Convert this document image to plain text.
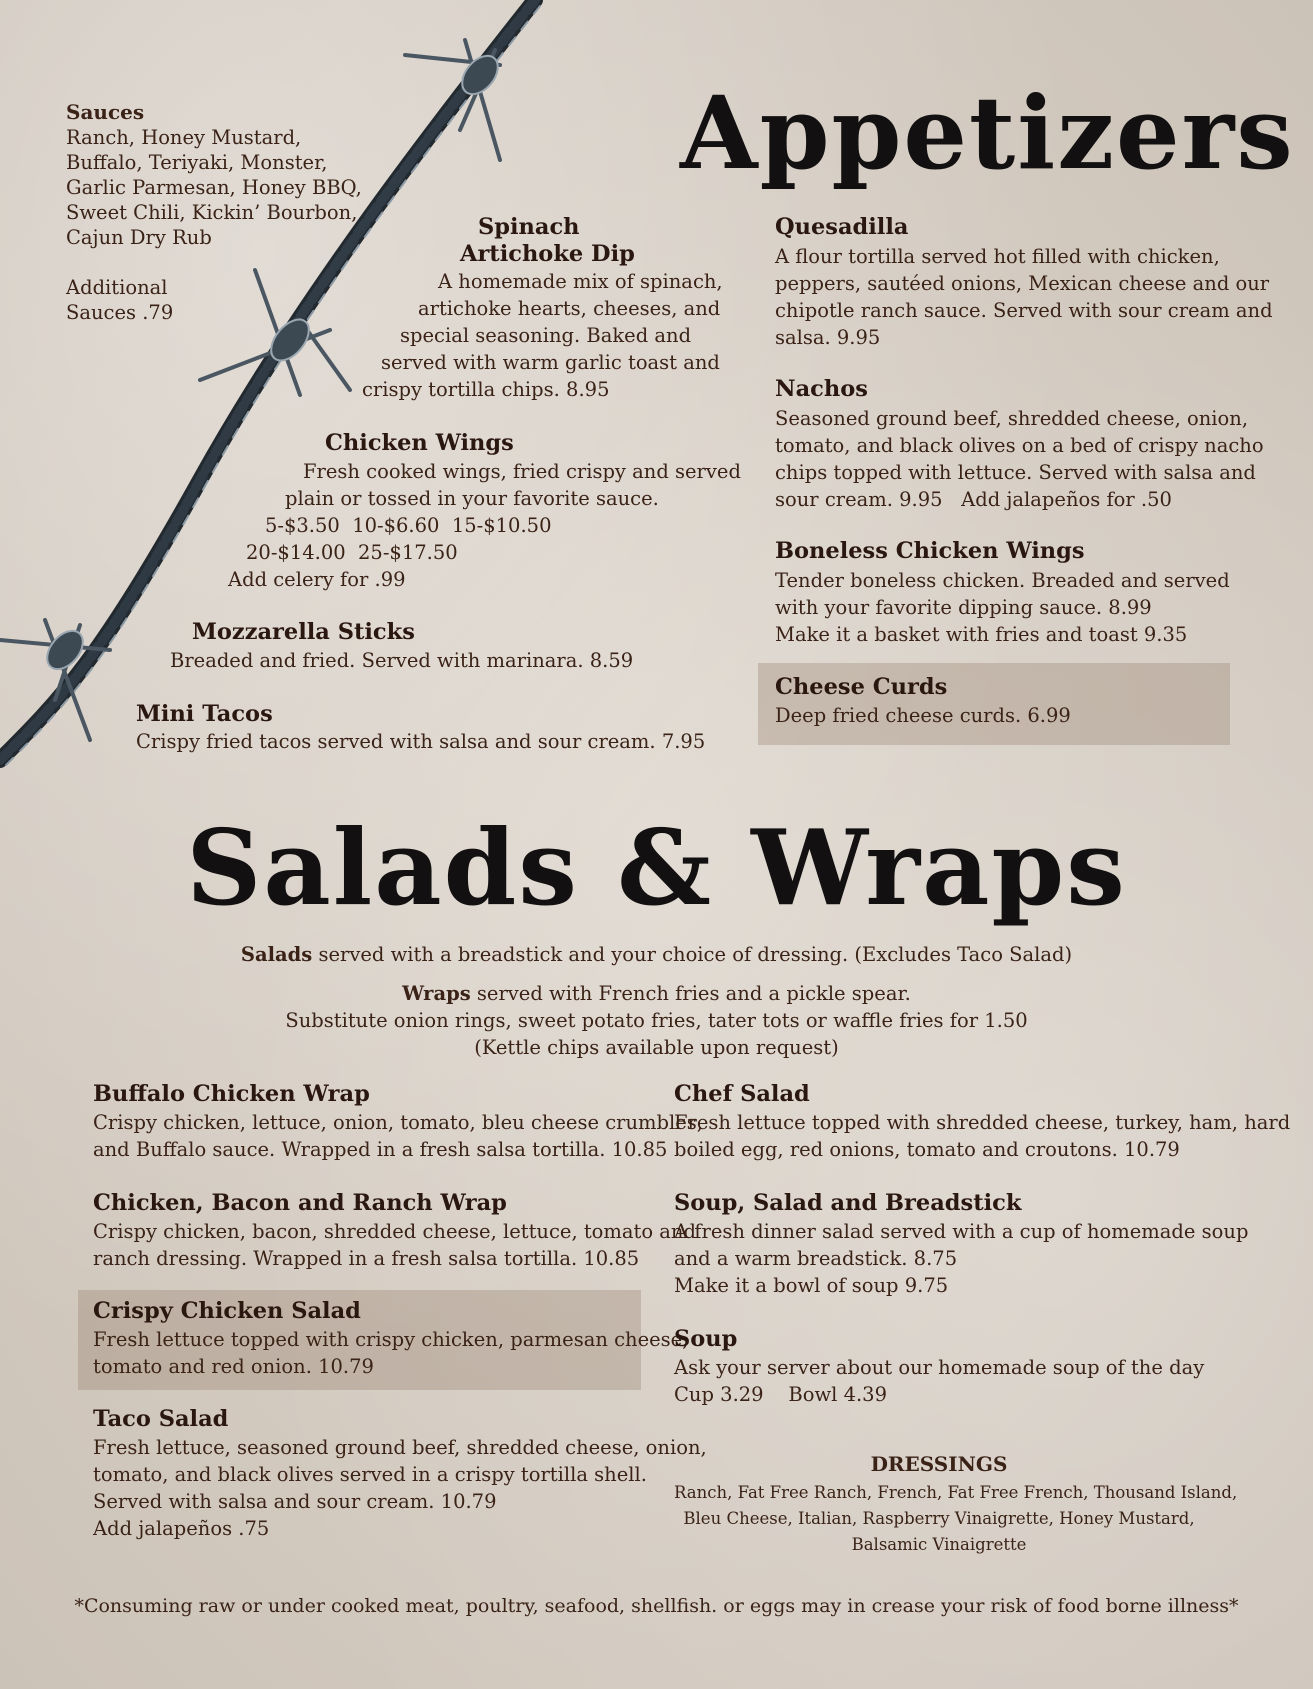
Appetizers
Sauces
Ranch, Honey Mustard,
Buffalo, Teriyaki, Monster,
Garlic Parmesan, Honey BBQ,
Sweet Chili, Kickin’ Bourbon,
Cajun Dry Rub
Additional
Sauces .79
Spinach
Artichoke Dip
A homemade mix of spinach,
artichoke hearts, cheeses, and
special seasoning. Baked and
served with warm garlic toast and
crispy tortilla chips. 8.95
Chicken Wings
Fresh cooked wings, fried crispy and served
plain or tossed in your favorite sauce.
5-$3.50  10-$6.60  15-$10.50
20-$14.00  25-$17.50
Add celery for .99
Mozzarella Sticks
Breaded and fried. Served with marinara. 8.59
Mini Tacos
Crispy fried tacos served with salsa and sour cream. 7.95
Quesadilla
A flour tortilla served hot filled with chicken,
peppers, sautéed onions, Mexican cheese and our
chipotle ranch sauce. Served with sour cream and
salsa. 9.95
Nachos
Seasoned ground beef, shredded cheese, onion,
tomato, and black olives on a bed of crispy nacho
chips topped with lettuce. Served with salsa and
sour cream. 9.95   Add jalapeños for .50
Boneless Chicken Wings
Tender boneless chicken. Breaded and served
with your favorite dipping sauce. 8.99
Make it a basket with fries and toast 9.35
Cheese Curds
Deep fried cheese curds. 6.99
Salads & Wraps
Salads served with a breadstick and your choice of dressing. (Excludes Taco Salad)
Wraps served with French fries and a pickle spear.
Substitute onion rings, sweet potato fries, tater tots or waffle fries for 1.50
(Kettle chips available upon request)
Buffalo Chicken Wrap
Crispy chicken, lettuce, onion, tomato, bleu cheese crumbles,
and Buffalo sauce. Wrapped in a fresh salsa tortilla. 10.85
Chicken, Bacon and Ranch Wrap
Crispy chicken, bacon, shredded cheese, lettuce, tomato and
ranch dressing. Wrapped in a fresh salsa tortilla. 10.85
Crispy Chicken Salad
Fresh lettuce topped with crispy chicken, parmesan cheese,
tomato and red onion. 10.79
Taco Salad
Fresh lettuce, seasoned ground beef, shredded cheese, onion,
tomato, and black olives served in a crispy tortilla shell.
Served with salsa and sour cream. 10.79
Add jalapeños .75
Chef Salad
Fresh lettuce topped with shredded cheese, turkey, ham, hard
boiled egg, red onions, tomato and croutons. 10.79
Soup, Salad and Breadstick
A fresh dinner salad served with a cup of homemade soup
and a warm breadstick. 8.75
Make it a bowl of soup 9.75
Soup
Ask your server about our homemade soup of the day
Cup 3.29    Bowl 4.39
DRESSINGS
Ranch, Fat Free Ranch, French, Fat Free French, Thousand Island,
Bleu Cheese, Italian, Raspberry Vinaigrette, Honey Mustard,
Balsamic Vinaigrette
*Consuming raw or under cooked meat, poultry, seafood, shellfish. or eggs may in crease your risk of food borne illness*
